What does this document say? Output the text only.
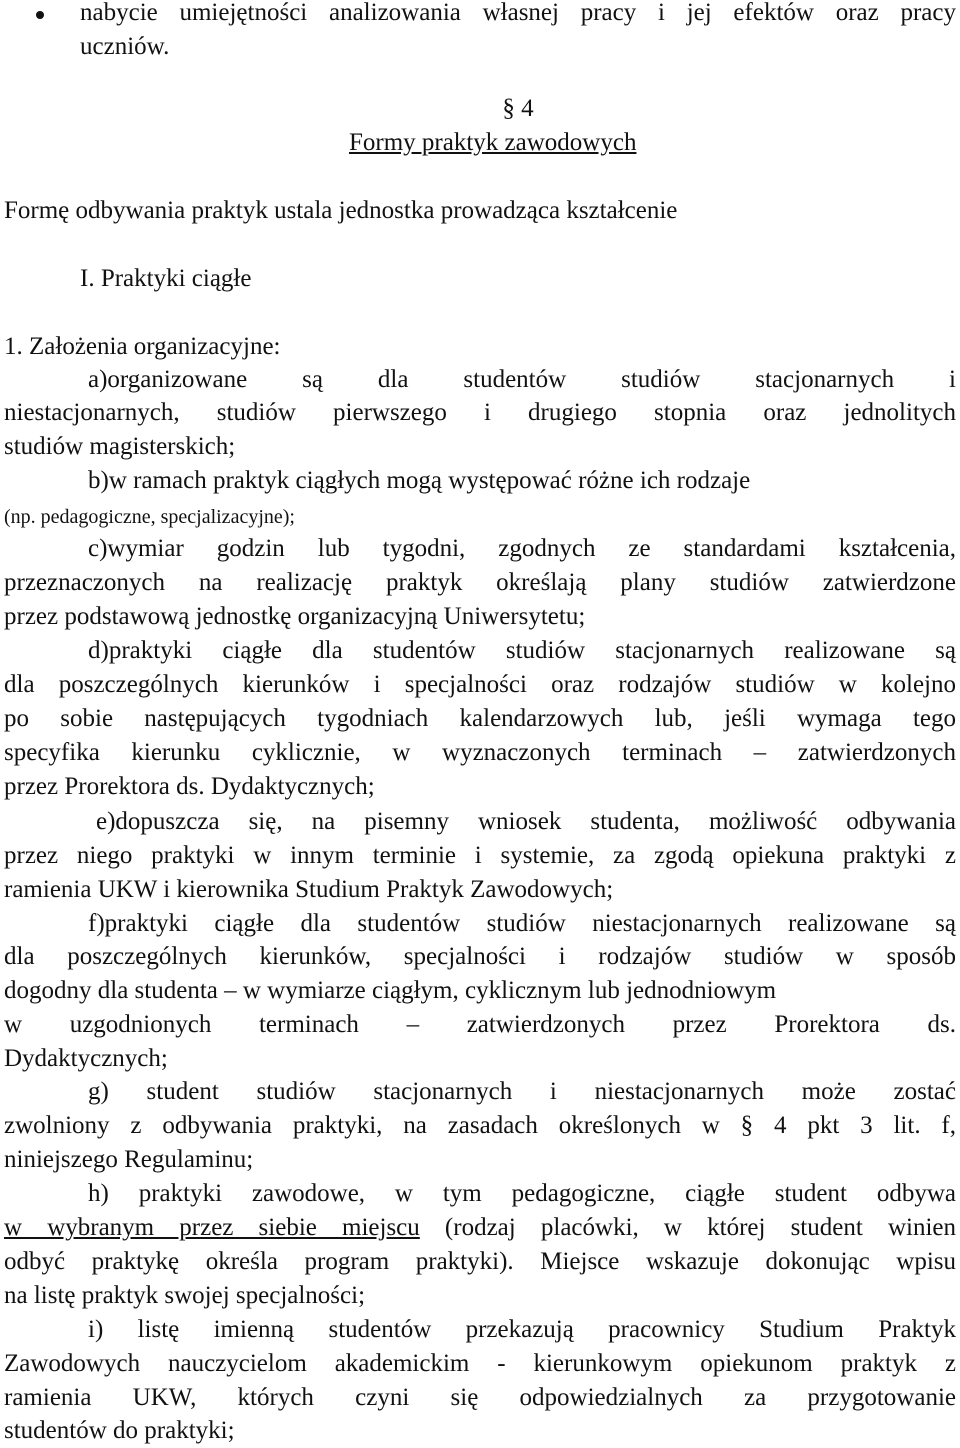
nabycie umiejętności analizowania własnej pracy i jej efektów oraz pracy

uczniów.
§ 4
Formy praktyk zawodowych
Formę odbywania praktyk ustala jednostka prowadząca kształcenie
I. Praktyki ciągłe
1. Założenia organizacyjne:
a)organizowane są dla studentów studiów stacjonarnych i
niestacjonarnych, studiów pierwszego i drugiego stopnia oraz jednolitych
studiów magisterskich;
b)w ramach praktyk ciągłych mogą występować różne ich rodzaje
(np. pedagogiczne, specjalizacyjne);
c)wymiar godzin lub tygodni, zgodnych ze standardami kształcenia,
przeznaczonych na realizację praktyk określają plany studiów zatwierdzone
przez podstawową jednostkę organizacyjną Uniwersytetu;
d)praktyki ciągłe dla studentów studiów stacjonarnych realizowane są
dla poszczególnych kierunków i specjalności oraz rodzajów studiów w kolejno
po sobie następujących tygodniach kalendarzowych lub, jeśli wymaga tego
specyfika kierunku cyklicznie, w wyznaczonych terminach – zatwierdzonych
przez Prorektora ds. Dydaktycznych;
e)dopuszcza się, na pisemny wniosek studenta, możliwość odbywania
przez niego praktyki w innym terminie i systemie, za zgodą opiekuna praktyki z
ramienia UKW i kierownika Studium Praktyk Zawodowych;
f)praktyki ciągłe dla studentów studiów niestacjonarnych realizowane są
dla poszczególnych kierunków, specjalności i rodzajów studiów w sposób
dogodny dla studenta – w wymiarze ciągłym, cyklicznym lub jednodniowym
w uzgodnionych terminach – zatwierdzonych przez Prorektora ds.
Dydaktycznych;
g) student studiów stacjonarnych i niestacjonarnych może zostać
zwolniony z odbywania praktyki, na zasadach określonych w § 4 pkt 3 lit. f,
niniejszego Regulaminu;
h) praktyki zawodowe, w tym pedagogiczne, ciągłe student odbywa
w wybranym przez siebie miejscu (rodzaj placówki, w której student winien
odbyć praktykę określa program praktyki). Miejsce wskazuje dokonując wpisu
na listę praktyk swojej specjalności;
i) listę imienną studentów przekazują pracownicy Studium Praktyk
Zawodowych nauczycielom akademickim - kierunkowym opiekunom praktyk z
ramienia UKW, których czyni się odpowiedzialnych za przygotowanie
studentów do praktyki;
